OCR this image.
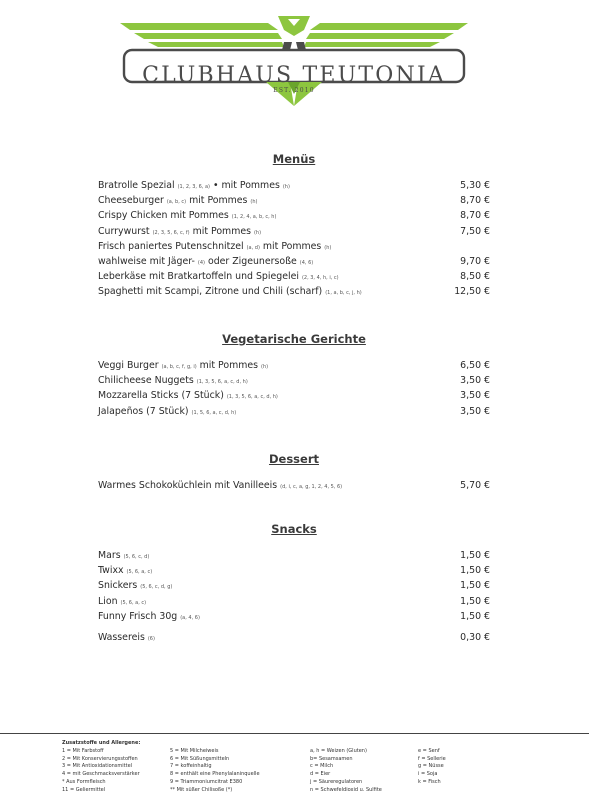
CLUBHAUS TEUTONIA
EST. 2010
Menüs
Bratrolle Spezial (1, 2, 3, 6, a) • mit Pommes (h)	5,30 €
Cheeseburger (a, b, c) mit Pommes (h)	8,70 €
Crispy Chicken mit Pommes (1, 2, 4, a, b, c, h)	8,70 €
Currywurst (2, 3, 5, 6, c, f) mit Pommes (h)	7,50 €
Frisch paniertes Putenschnitzel (a, d) mit Pommes (h)
wahlweise mit Jäger- (4) oder Zigeunersoße (4, 6)	9,70 €
Leberkäse mit Bratkartoffeln und Spiegelei (2, 3, 4, h, i, c)	8,50 €
Spaghetti mit Scampi, Zitrone und Chili (scharf) (1, a, b, c, j, h)	12,50 €
Vegetarische Gerichte
Veggi Burger (a, b, c, f, g, i) mit Pommes (h)	6,50 €
Chilicheese Nuggets (1, 3, 5, 6, a, c, d, h)	3,50 €
Mozzarella Sticks (7 Stück) (1, 3, 5, 6, a, c, d, h)	3,50 €
Jalapeños (7 Stück) (1, 5, 6, a, c, d, h)	3,50 €
Dessert
Warmes Schokoküchlein mit Vanilleeis (d, i, c, a, g, 1, 2, 4, 5, 6)	5,70 €
Snacks
Mars (5, 6, c, d)	1,50 €
Twixx (5, 6, a, c)	1,50 €
Snickers (5, 6, c, d, g)	1,50 €
Lion (5, 6, a, c)	1,50 €
Funny Frisch 30g (a, 4, 6)	1,50 €
Wassereis (6)	0,30 €
Zusatzstoffe und Allergene:
1 = Mit Farbstoff
2 = Mit Konservierungsstoffen
3 = Mit Antioxidationsmittel
4 = mit Geschmacksverstärker
* Aus Formfleisch
11 = Geliermittel
5 = Mit Milcheiweis
6 = Mit Süßungsmitteln
7 = koffeinhaltig
8 = enthält eine Phenylalaninquelle
9 = Triammoniumcitrat E380
** Mit süßer Chilisoße (*)
a, h = Weizen (Gluten)
b= Sesamsamen
c = Milch
d = Eier
j = Säureregulatoren
n = Schwefeldioxid u. Sulfite
e = Senf
f = Sellerie
g = Nüsse
i = Soja
k = Fisch
